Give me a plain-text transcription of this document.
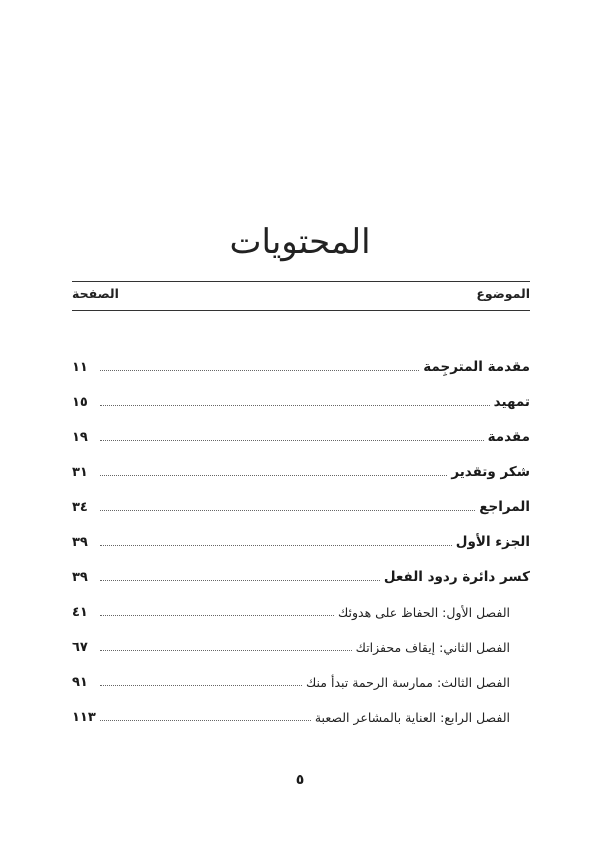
المحتويات
الموضوع
الصفحة
مقدمة المترجِمة
١١
تمهيد
١٥
مقدمة
١٩
شكر وتقدير
٣١
المراجع
٣٤
الجزء الأول
٣٩
كسر دائرة ردود الفعل
٣٩
الفصل الأول: الحفاظ على هدوئك
٤١
الفصل الثاني: إيقاف محفزاتك
٦٧
الفصل الثالث: ممارسة الرحمة تبدأ منك
٩١
الفصل الرابع: العناية بالمشاعر الصعبة
١١٣
٥
